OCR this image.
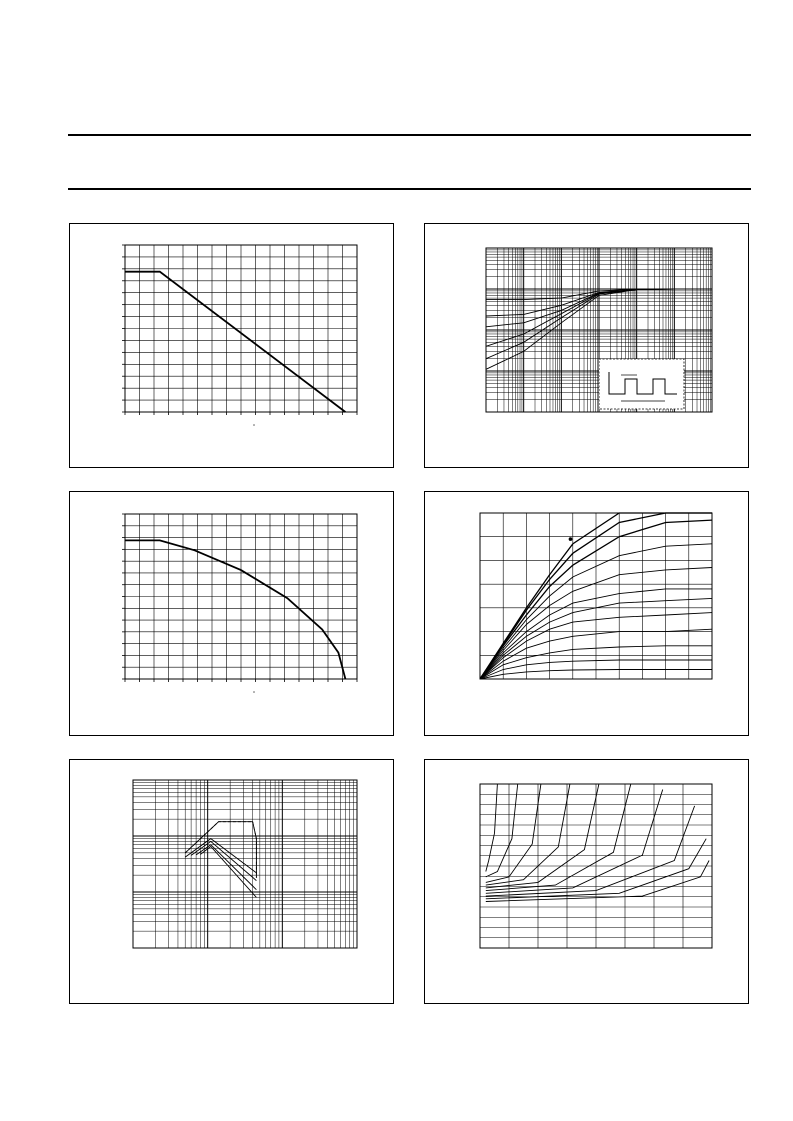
°
°
